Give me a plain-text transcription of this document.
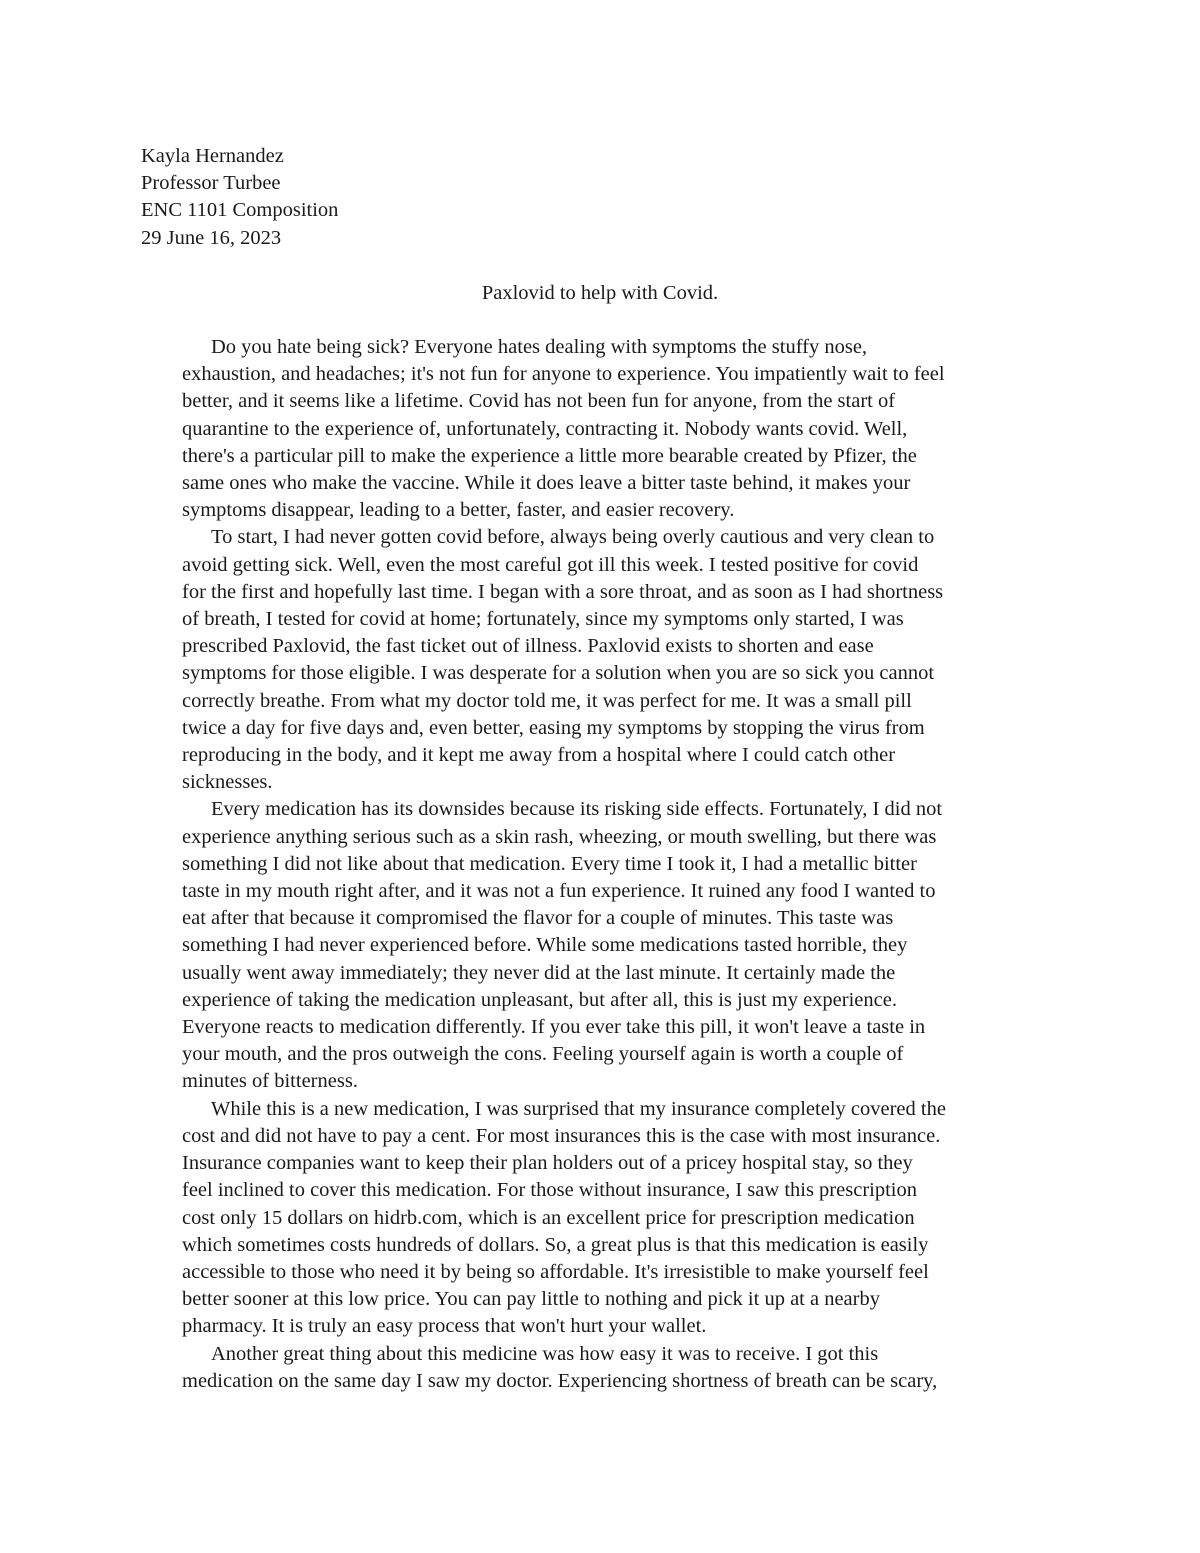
Kayla Hernandez
Professor Turbee
ENC 1101 Composition
29 June 16, 2023
Paxlovid to help with Covid.
Do you hate being sick? Everyone hates dealing with symptoms the stuffy nose,
exhaustion, and headaches; it's not fun for anyone to experience. You impatiently wait to feel
better, and it seems like a lifetime. Covid has not been fun for anyone, from the start of
quarantine to the experience of, unfortunately, contracting it. Nobody wants covid. Well,
there's a particular pill to make the experience a little more bearable created by Pfizer, the
same ones who make the vaccine. While it does leave a bitter taste behind, it makes your
symptoms disappear, leading to a better, faster, and easier recovery.
To start, I had never gotten covid before, always being overly cautious and very clean to
avoid getting sick. Well, even the most careful got ill this week. I tested positive for covid
for the first and hopefully last time. I began with a sore throat, and as soon as I had shortness
of breath, I tested for covid at home; fortunately, since my symptoms only started, I was
prescribed Paxlovid, the fast ticket out of illness. Paxlovid exists to shorten and ease
symptoms for those eligible. I was desperate for a solution when you are so sick you cannot
correctly breathe. From what my doctor told me, it was perfect for me. It was a small pill
twice a day for five days and, even better, easing my symptoms by stopping the virus from
reproducing in the body, and it kept me away from a hospital where I could catch other
sicknesses.
Every medication has its downsides because its risking side effects. Fortunately, I did not
experience anything serious such as a skin rash, wheezing, or mouth swelling, but there was
something I did not like about that medication. Every time I took it, I had a metallic bitter
taste in my mouth right after, and it was not a fun experience. It ruined any food I wanted to
eat after that because it compromised the flavor for a couple of minutes. This taste was
something I had never experienced before. While some medications tasted horrible, they
usually went away immediately; they never did at the last minute. It certainly made the
experience of taking the medication unpleasant, but after all, this is just my experience.
Everyone reacts to medication differently. If you ever take this pill, it won't leave a taste in
your mouth, and the pros outweigh the cons. Feeling yourself again is worth a couple of
minutes of bitterness.
While this is a new medication, I was surprised that my insurance completely covered the
cost and did not have to pay a cent. For most insurances this is the case with most insurance.
Insurance companies want to keep their plan holders out of a pricey hospital stay, so they
feel inclined to cover this medication. For those without insurance, I saw this prescription
cost only 15 dollars on hidrb.com, which is an excellent price for prescription medication
which sometimes costs hundreds of dollars. So, a great plus is that this medication is easily
accessible to those who need it by being so affordable. It's irresistible to make yourself feel
better sooner at this low price. You can pay little to nothing and pick it up at a nearby
pharmacy. It is truly an easy process that won't hurt your wallet.
Another great thing about this medicine was how easy it was to receive. I got this
medication on the same day I saw my doctor. Experiencing shortness of breath can be scary,
